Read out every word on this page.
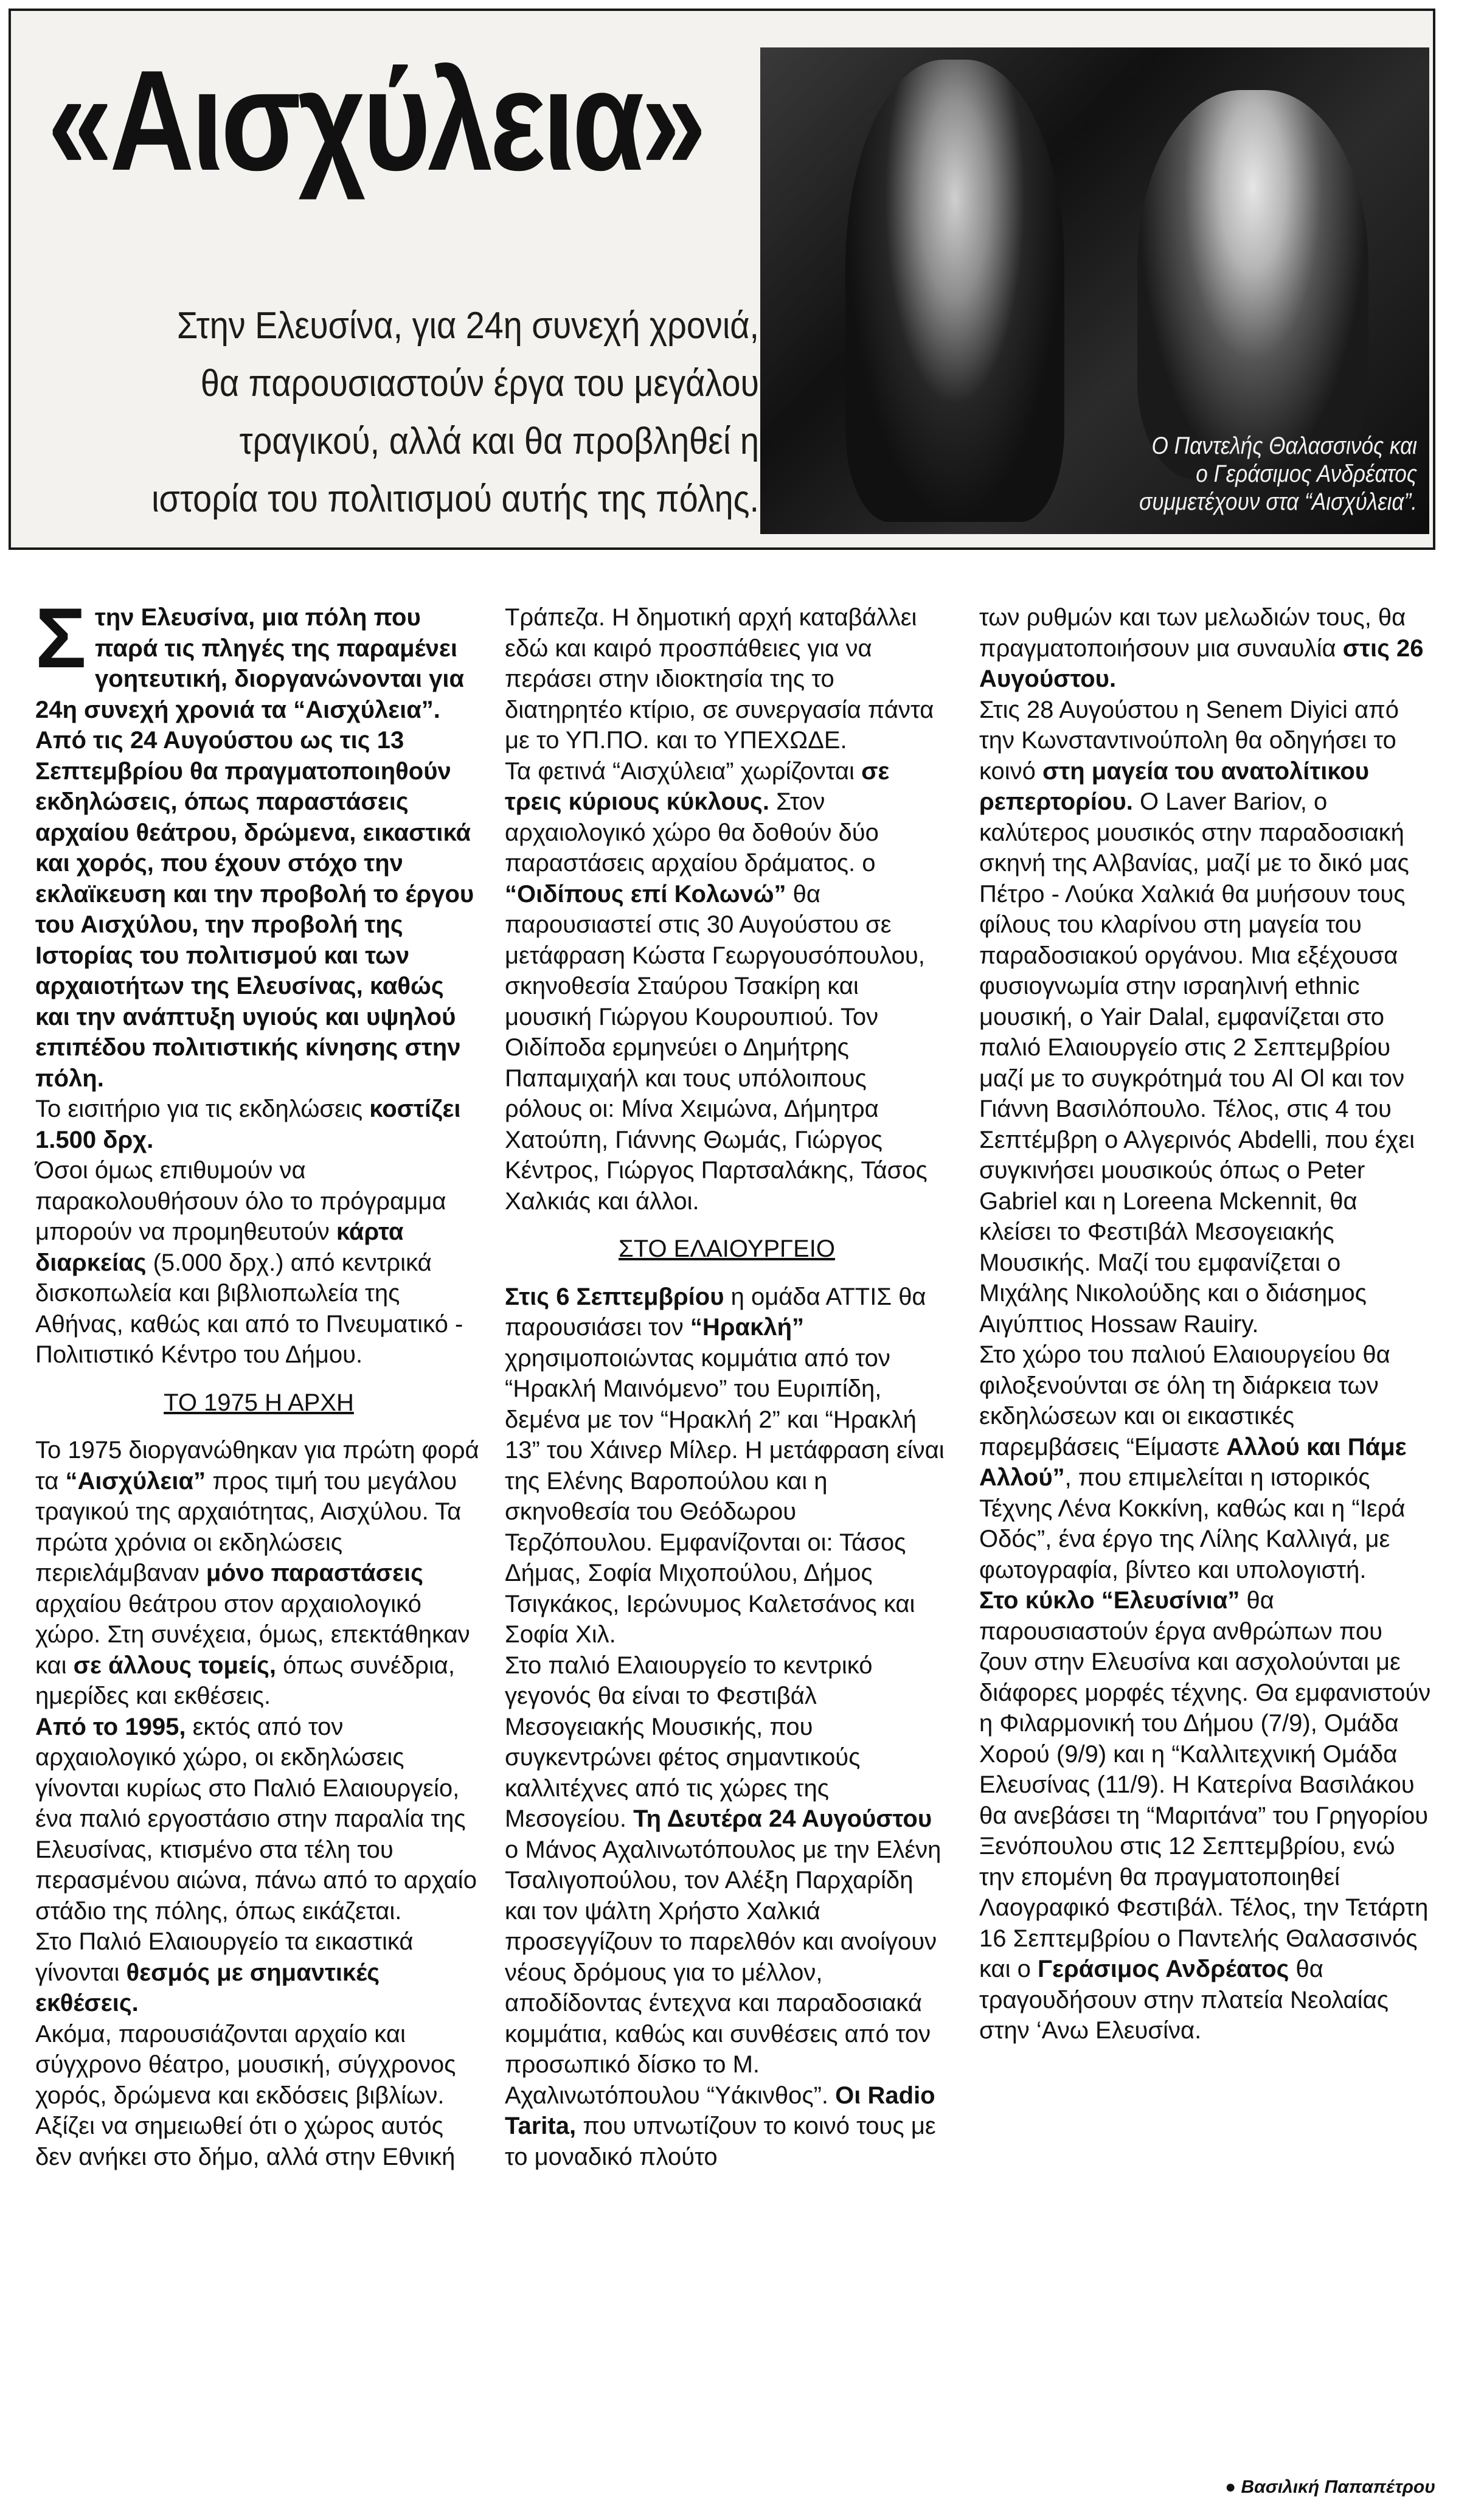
«Αισχύλεια»
Στην Ελευσίνα, για 24η συνεχή χρονιά, θα παρουσιαστούν έργα του μεγάλου τραγικού, αλλά και θα προβληθεί η ιστορία του πολιτισμού αυτής της πόλης.
Ο Παντελής Θαλασσινός και ο Γεράσιμος Ανδρέατος συμμετέχουν στα “Αισχύλεια”.

Στην Ελευσίνα, μια πόλη που παρά τις πληγές της παραμένει γοητευτική, διοργανώνονται για 24η συνεχή χρονιά τα “Αισχύλεια”. Από τις 24 Αυγούστου ως τις 13 Σεπτεμβρίου θα πραγματοποιηθούν εκδηλώσεις, όπως παραστάσεις αρχαίου θεάτρου, δρώμενα, εικαστικά και χορός, που έχουν στόχο την εκλαϊκευση και την προβολή το έργου του Αισχύλου, την προβολή της Ιστορίας του πολιτισμού και των αρχαιοτήτων της Ελευσίνας, καθώς και την ανάπτυξη υγιούς και υψηλού επιπέδου πολιτιστικής κίνησης στην πόλη.

Το εισιτήριο για τις εκδηλώσεις κοστίζει 1.500 δρχ.

Όσοι όμως επιθυμούν να παρακολουθήσουν όλο το πρόγραμμα μπορούν να προμηθευτούν κάρτα διαρκείας (5.000 δρχ.) από κεντρικά δισκοπωλεία και βιβλιοπωλεία της Αθήνας, καθώς και από το Πνευματικό - Πολιτιστικό Κέντρο του Δήμου.

ΤΟ 1975 Η ΑΡΧΗ

Το 1975 διοργανώθηκαν για πρώτη φορά τα “Αισχύλεια” προς τιμή του μεγάλου τραγικού της αρχαιότητας, Αισχύλου. Τα πρώτα χρόνια οι εκδηλώσεις περιελάμβαναν μόνο παραστάσεις αρχαίου θεάτρου στον αρχαιολογικό χώρο. Στη συνέχεια, όμως, επεκτάθηκαν και σε άλλους τομείς, όπως συνέδρια, ημερίδες και εκθέσεις.

Από το 1995, εκτός από τον αρχαιολογικό χώρο, οι εκδηλώσεις γίνονται κυρίως στο Παλιό Ελαιουργείο, ένα παλιό εργοστάσιο στην παραλία της Ελευσίνας, κτισμένο στα τέλη του περασμένου αιώνα, πάνω από το αρχαίο στάδιο της πόλης, όπως εικάζεται.

Στο Παλιό Ελαιουργείο τα εικαστικά γίνονται θεσμός με σημαντικές εκθέσεις.

Ακόμα, παρουσιάζονται αρχαίο και σύγχρονο θέατρο, μουσική, σύγχρονος χορός, δρώμενα και εκδόσεις βιβλίων. Αξίζει να σημειωθεί ότι ο χώρος αυτός δεν ανήκει στο δήμο, αλλά στην Εθνική

Τράπεζα. Η δημοτική αρχή καταβάλλει εδώ και καιρό προσπάθειες για να περάσει στην ιδιοκτησία της το διατηρητέο κτίριο, σε συνεργασία πάντα με το ΥΠ.ΠΟ. και το ΥΠΕΧΩΔΕ.

Τα φετινά “Αισχύλεια” χωρίζονται σε τρεις κύριους κύκλους. Στον αρχαιολογικό χώρο θα δοθούν δύο παραστάσεις αρχαίου δράματος. ο “Οιδίπους επί Κολωνώ” θα παρουσιαστεί στις 30 Αυγούστου σε μετάφραση Κώστα Γεωργουσόπουλου, σκηνοθεσία Σταύρου Τσακίρη και μουσική Γιώργου Κουρουπιού. Τον Οιδίποδα ερμηνεύει ο Δημήτρης Παπαμιχαήλ και τους υπόλοιπους ρόλους οι: Μίνα Χειμώνα, Δήμητρα Χατούπη, Γιάννης Θωμάς, Γιώργος Κέντρος, Γιώργος Παρτσαλάκης, Τάσος Χαλκιάς και άλλοι.

ΣΤΟ ΕΛΑΙΟΥΡΓΕΙΟ

Στις 6 Σεπτεμβρίου η ομάδα ΑΤΤΙΣ θα παρουσιάσει τον “Ηρακλή” χρησιμοποιώντας κομμάτια από τον “Ηρακλή Μαινόμενο” του Ευριπίδη, δεμένα με τον “Ηρακλή 2” και “Ηρακλή 13” του Χάινερ Μίλερ. Η μετάφραση είναι της Ελένης Βαροπούλου και η σκηνοθεσία του Θεόδωρου Τερζόπουλου. Εμφανίζονται οι: Τάσος Δήμας, Σοφία Μιχοπούλου, Δήμος Τσιγκάκος, Ιερώνυμος Καλετσάνος και Σοφία Χιλ.

Στο παλιό Ελαιουργείο το κεντρικό γεγονός θα είναι το Φεστιβάλ Μεσογειακής Μουσικής, που συγκεντρώνει φέτος σημαντικούς καλλιτέχνες από τις χώρες της Μεσογείου. Τη Δευτέρα 24 Αυγούστου ο Μάνος Αχαλινωτόπουλος με την Ελένη Τσαλιγοπούλου, τον Αλέξη Παρχαρίδη και τον ψάλτη Χρήστο Χαλκιά προσεγγίζουν το παρελθόν και ανοίγουν νέους δρόμους για το μέλλον, αποδίδοντας έντεχνα και παραδοσιακά κομμάτια, καθώς και συνθέσεις από τον προσωπικό δίσκο το Μ. Αχαλινωτόπουλου “Υάκινθος”. Οι Radio Tarita, που υπνωτίζουν το κοινό τους με το μοναδικό πλούτο

των ρυθμών και των μελωδιών τους, θα πραγματοποιήσουν μια συναυλία στις 26 Αυγούστου.

Στις 28 Αυγούστου η Senem Diyici από την Κωνσταντινούπολη θα οδηγήσει το κοινό στη μαγεία του ανατολίτικου ρεπερτορίου. Ο Laver Bariov, ο καλύτερος μουσικός στην παραδοσιακή σκηνή της Αλβανίας, μαζί με το δικό μας Πέτρο - Λούκα Χαλκιά θα μυήσουν τους φίλους του κλαρίνου στη μαγεία του παραδοσιακού οργάνου. Μια εξέχουσα φυσιογνωμία στην ισραηλινή ethnic μουσική, ο Yair Dalal, εμφανίζεται στο παλιό Ελαιουργείο στις 2 Σεπτεμβρίου μαζί με το συγκρότημά του Al Ol και τον Γιάννη Βασιλόπουλο. Τέλος, στις 4 του Σεπτέμβρη ο Αλγερινός Abdelli, που έχει συγκινήσει μουσικούς όπως ο Peter Gabriel και η Loreena Mckennit, θα κλείσει το Φεστιβάλ Μεσογειακής Μουσικής. Μαζί του εμφανίζεται ο Μιχάλης Νικολούδης και ο διάσημος Αιγύπτιος Hossaw Rauiry.

Στο χώρο του παλιού Ελαιουργείου θα φιλοξενούνται σε όλη τη διάρκεια των εκδηλώσεων και οι εικαστικές παρεμβάσεις “Είμαστε Αλλού και Πάμε Αλλού”, που επιμελείται η ιστορικός Τέχνης Λένα Κοκκίνη, καθώς και η “Ιερά Οδός”, ένα έργο της Λίλης Καλλιγά, με φωτογραφία, βίντεο και υπολογιστή.

Στο κύκλο “Ελευσίνια” θα παρουσιαστούν έργα ανθρώπων που ζουν στην Ελευσίνα και ασχολούνται με διάφορες μορφές τέχνης. Θα εμφανιστούν η Φιλαρμονική του Δήμου (7/9), Ομάδα Χορού (9/9) και η “Καλλιτεχνική Ομάδα Ελευσίνας (11/9). Η Κατερίνα Βασιλάκου θα ανεβάσει τη “Μαριτάνα” του Γρηγορίου Ξενόπουλου στις 12 Σεπτεμβρίου, ενώ την επομένη θα πραγματοποιηθεί Λαογραφικό Φεστιβάλ. Τέλος, την Τετάρτη 16 Σεπτεμβρίου ο Παντελής Θαλασσινός και ο Γεράσιμος Ανδρέατος θα τραγουδήσουν στην πλατεία Νεολαίας στην ‘Ανω Ελευσίνα.

● Βασιλική Παπαπέτρου
